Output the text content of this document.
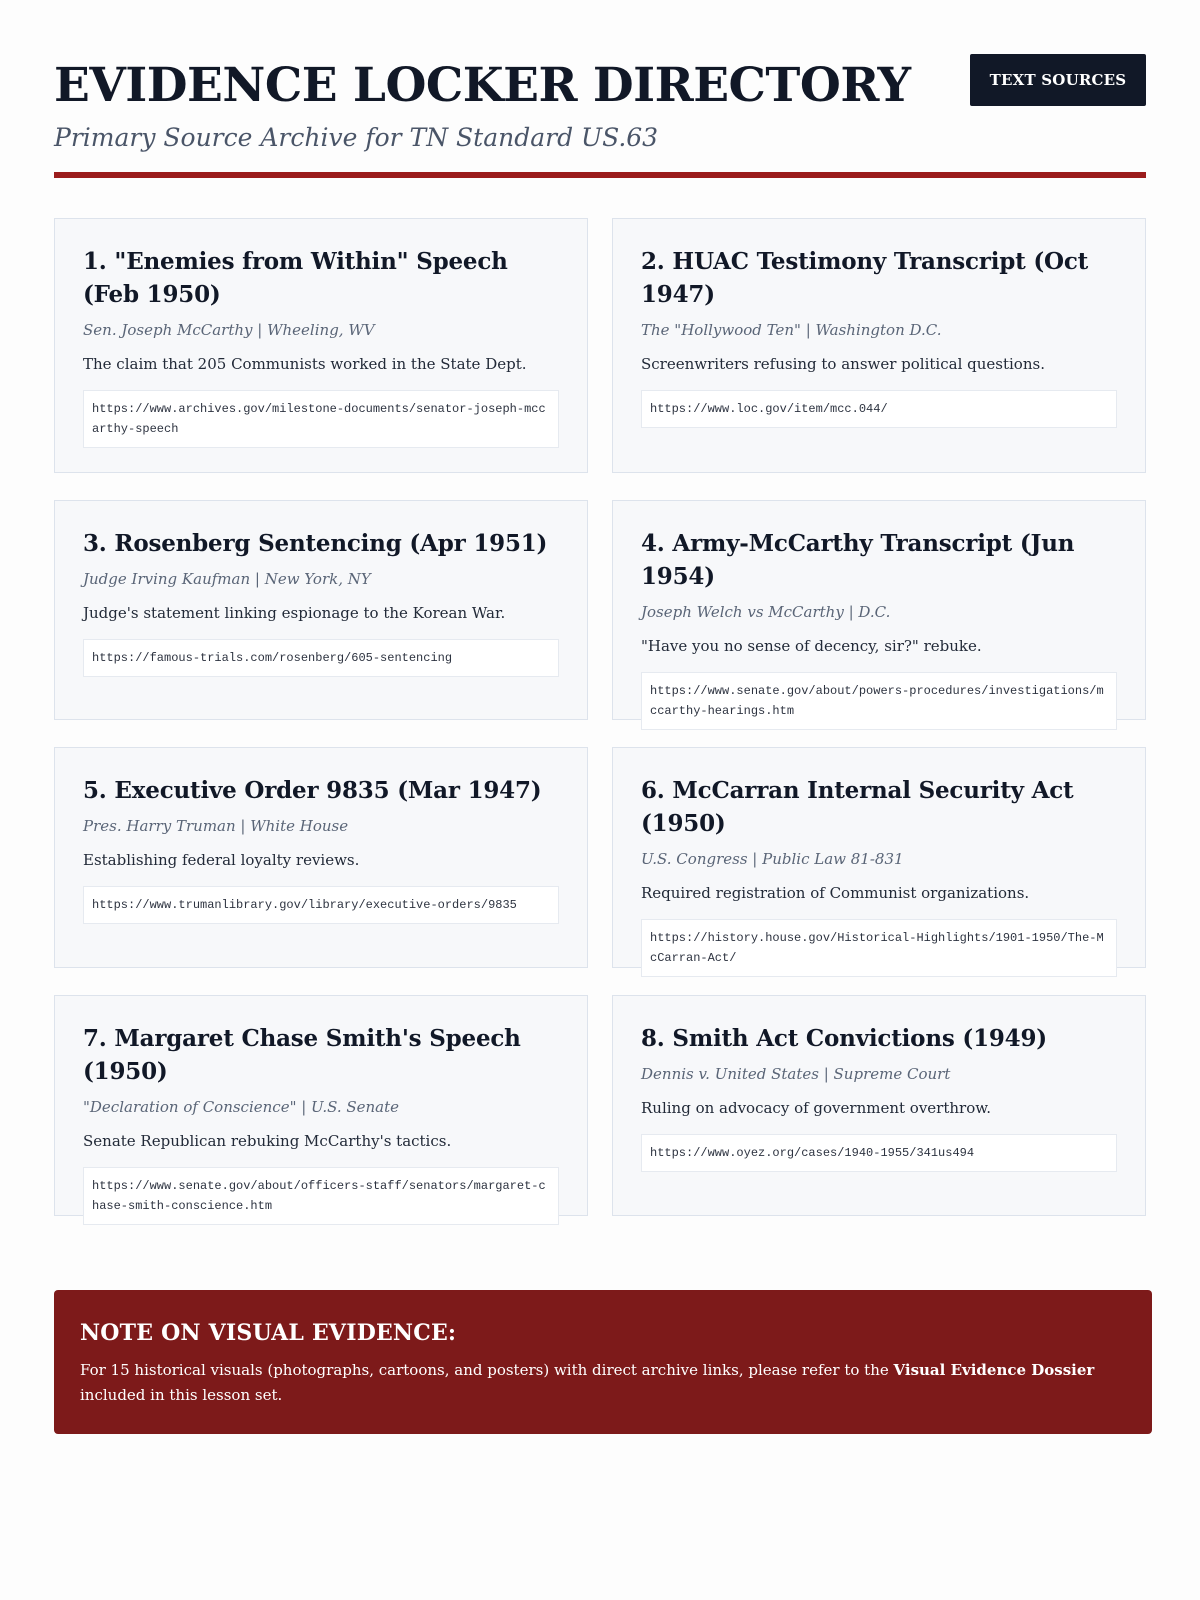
EVIDENCE LOCKER DIRECTORY
Primary Source Archive for TN Standard US.63
TEXT SOURCES
1. "Enemies from Within" Speech (Feb 1950)
Sen. Joseph McCarthy | Wheeling, WV
The claim that 205 Communists worked in the State Dept.
https://www.archives.gov/milestone-documents/senator-joseph-mccarthy-speech
2. HUAC Testimony Transcript (Oct 1947)
The "Hollywood Ten" | Washington D.C.
Screenwriters refusing to answer political questions.
https://www.loc.gov/item/mcc.044/
3. Rosenberg Sentencing (Apr 1951)
Judge Irving Kaufman | New York, NY
Judge's statement linking espionage to the Korean War.
https://famous-trials.com/rosenberg/605-sentencing
4. Army-McCarthy Transcript (Jun 1954)
Joseph Welch vs McCarthy | D.C.
"Have you no sense of decency, sir?" rebuke.
https://www.senate.gov/about/powers-procedures/investigations/mccarthy-hearings.htm
5. Executive Order 9835 (Mar 1947)
Pres. Harry Truman | White House
Establishing federal loyalty reviews.
https://www.trumanlibrary.gov/library/executive-orders/9835
6. McCarran Internal Security Act (1950)
U.S. Congress | Public Law 81-831
Required registration of Communist organizations.
https://history.house.gov/Historical-Highlights/1901-1950/The-McCarran-Act/
7. Margaret Chase Smith's Speech (1950)
"Declaration of Conscience" | U.S. Senate
Senate Republican rebuking McCarthy's tactics.
https://www.senate.gov/about/officers-staff/senators/margaret-chase-smith-conscience.htm
8. Smith Act Convictions (1949)
Dennis v. United States | Supreme Court
Ruling on advocacy of government overthrow.
https://www.oyez.org/cases/1940-1955/341us494
NOTE ON VISUAL EVIDENCE:

For 15 historical visuals (photographs, cartoons, and posters) with direct archive links, please refer to the Visual Evidence Dossier included in this lesson set.
